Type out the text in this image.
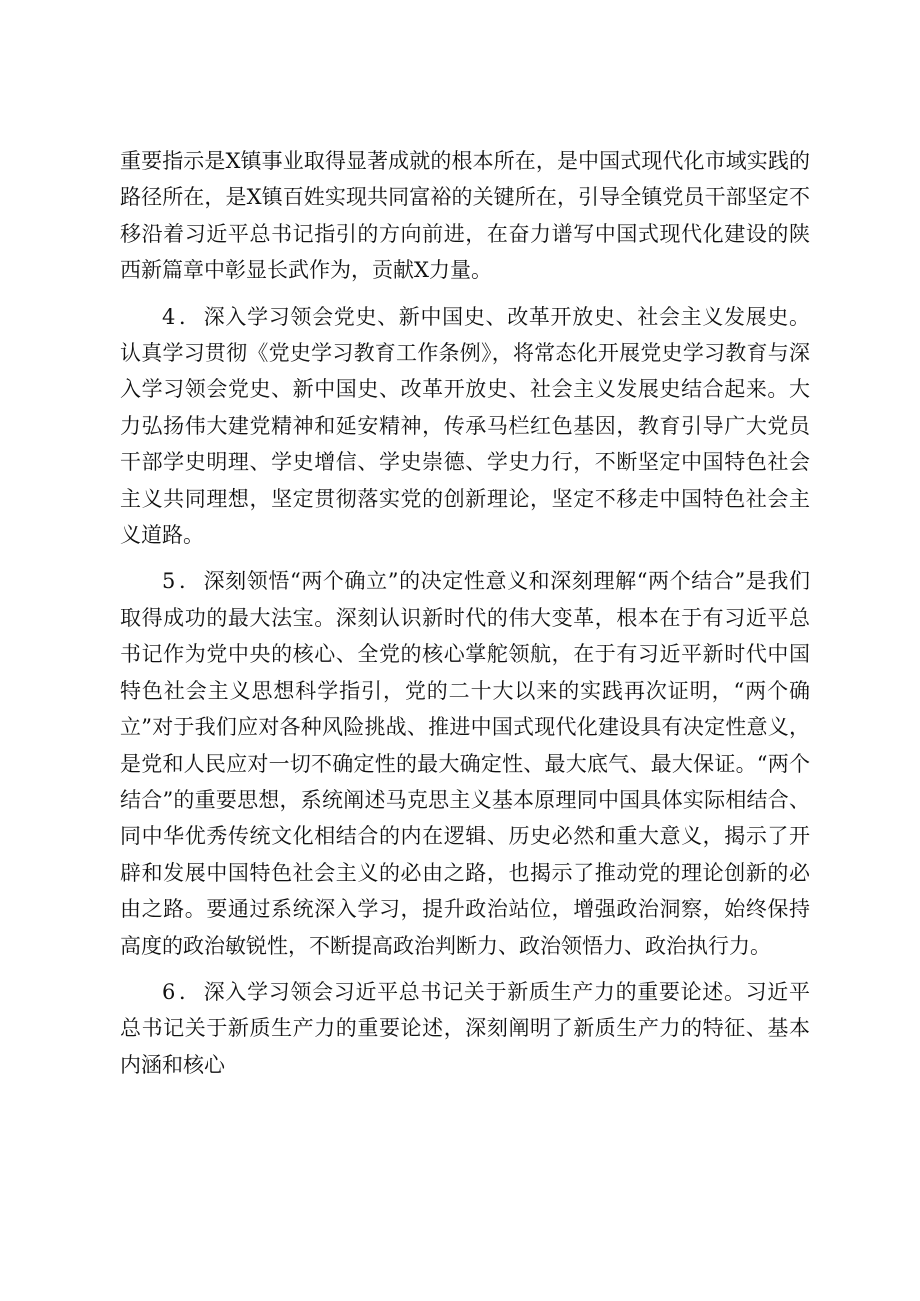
重要指示是X镇事业取得显著成就的根本所在，是中国式现代化市域实践的路径所在，是X镇百姓实现共同富裕的关键所在，引导全镇党员干部坚定不移沿着习近平总书记指引的方向前进，在奋力谱写中国式现代化建设的陕西新篇章中彰显长武作为，贡献X力量。

4．深入学习领会党史、新中国史、改革开放史、社会主义发展史。认真学习贯彻《党史学习教育工作条例》，将常态化开展党史学习教育与深入学习领会党史、新中国史、改革开放史、社会主义发展史结合起来。大力弘扬伟大建党精神和延安精神，传承马栏红色基因，教育引导广大党员干部学史明理、学史增信、学史崇德、学史力行，不断坚定中国特色社会主义共同理想，坚定贯彻落实党的创新理论，坚定不移走中国特色社会主义道路。

5．深刻领悟“两个确立”的决定性意义和深刻理解“两个结合”是我们取得成功的最大法宝。深刻认识新时代的伟大变革，根本在于有习近平总书记作为党中央的核心、全党的核心掌舵领航，在于有习近平新时代中国特色社会主义思想科学指引，党的二十大以来的实践再次证明，“两个确立”对于我们应对各种风险挑战、推进中国式现代化建设具有决定性意义，是党和人民应对一切不确定性的最大确定性、最大底气、最大保证。“两个结合”的重要思想，系统阐述马克思主义基本原理同中国具体实际相结合、同中华优秀传统文化相结合的内在逻辑、历史必然和重大意义，揭示了开辟和发展中国特色社会主义的必由之路，也揭示了推动党的理论创新的必由之路。要通过系统深入学习，提升政治站位，增强政治洞察，始终保持高度的政治敏锐性，不断提高政治判断力、政治领悟力、政治执行力。

6．深入学习领会习近平总书记关于新质生产力的重要论述。习近平总书记关于新质生产力的重要论述，深刻阐明了新质生产力的特征、基本内涵和核心
